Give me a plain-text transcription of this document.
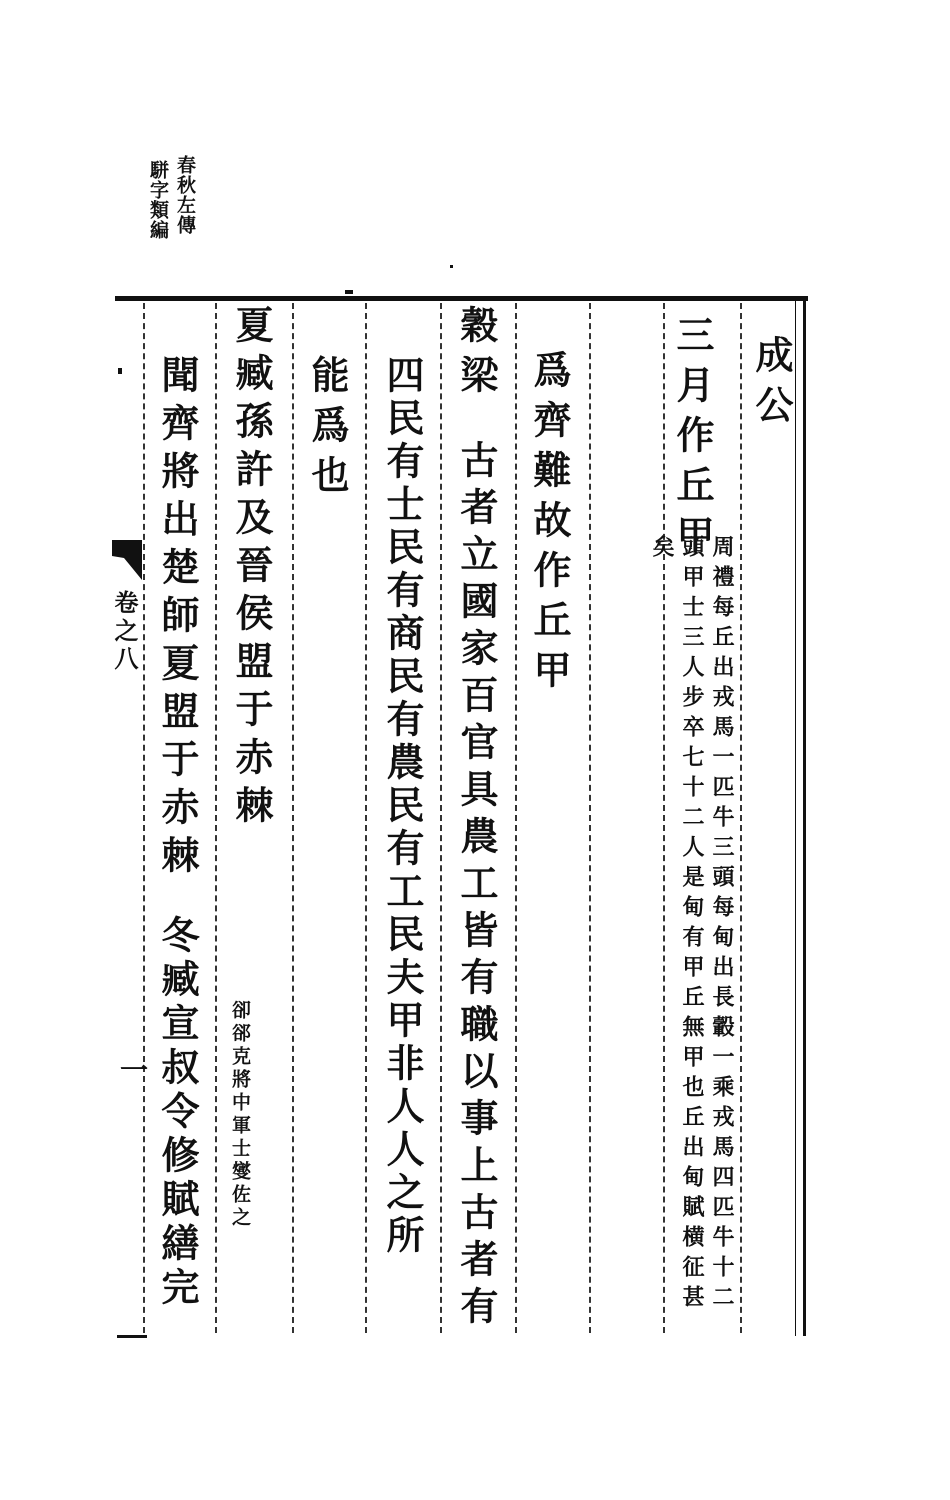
春秋左傳
駢字類編
成公
三月作丘甲
周禮每丘出戎馬一匹牛三頭每甸出長轂一乘戎馬四匹牛十二頭甲士三人步卒七十二人是甸有甲丘無甲也丘出甸賦横征甚矣
爲齊難故作丘甲
穀梁
古者立國家百官具農工皆有職以事上古者有
四民有士民有商民有農民有工民夫甲非人人之所
能爲也
夏臧孫許及晉侯盟于赤棘
卻郤克將中軍士燮佐之
聞齊將出楚師夏盟于赤棘
冬臧宣叔令修賦繕完
卷之八
一
